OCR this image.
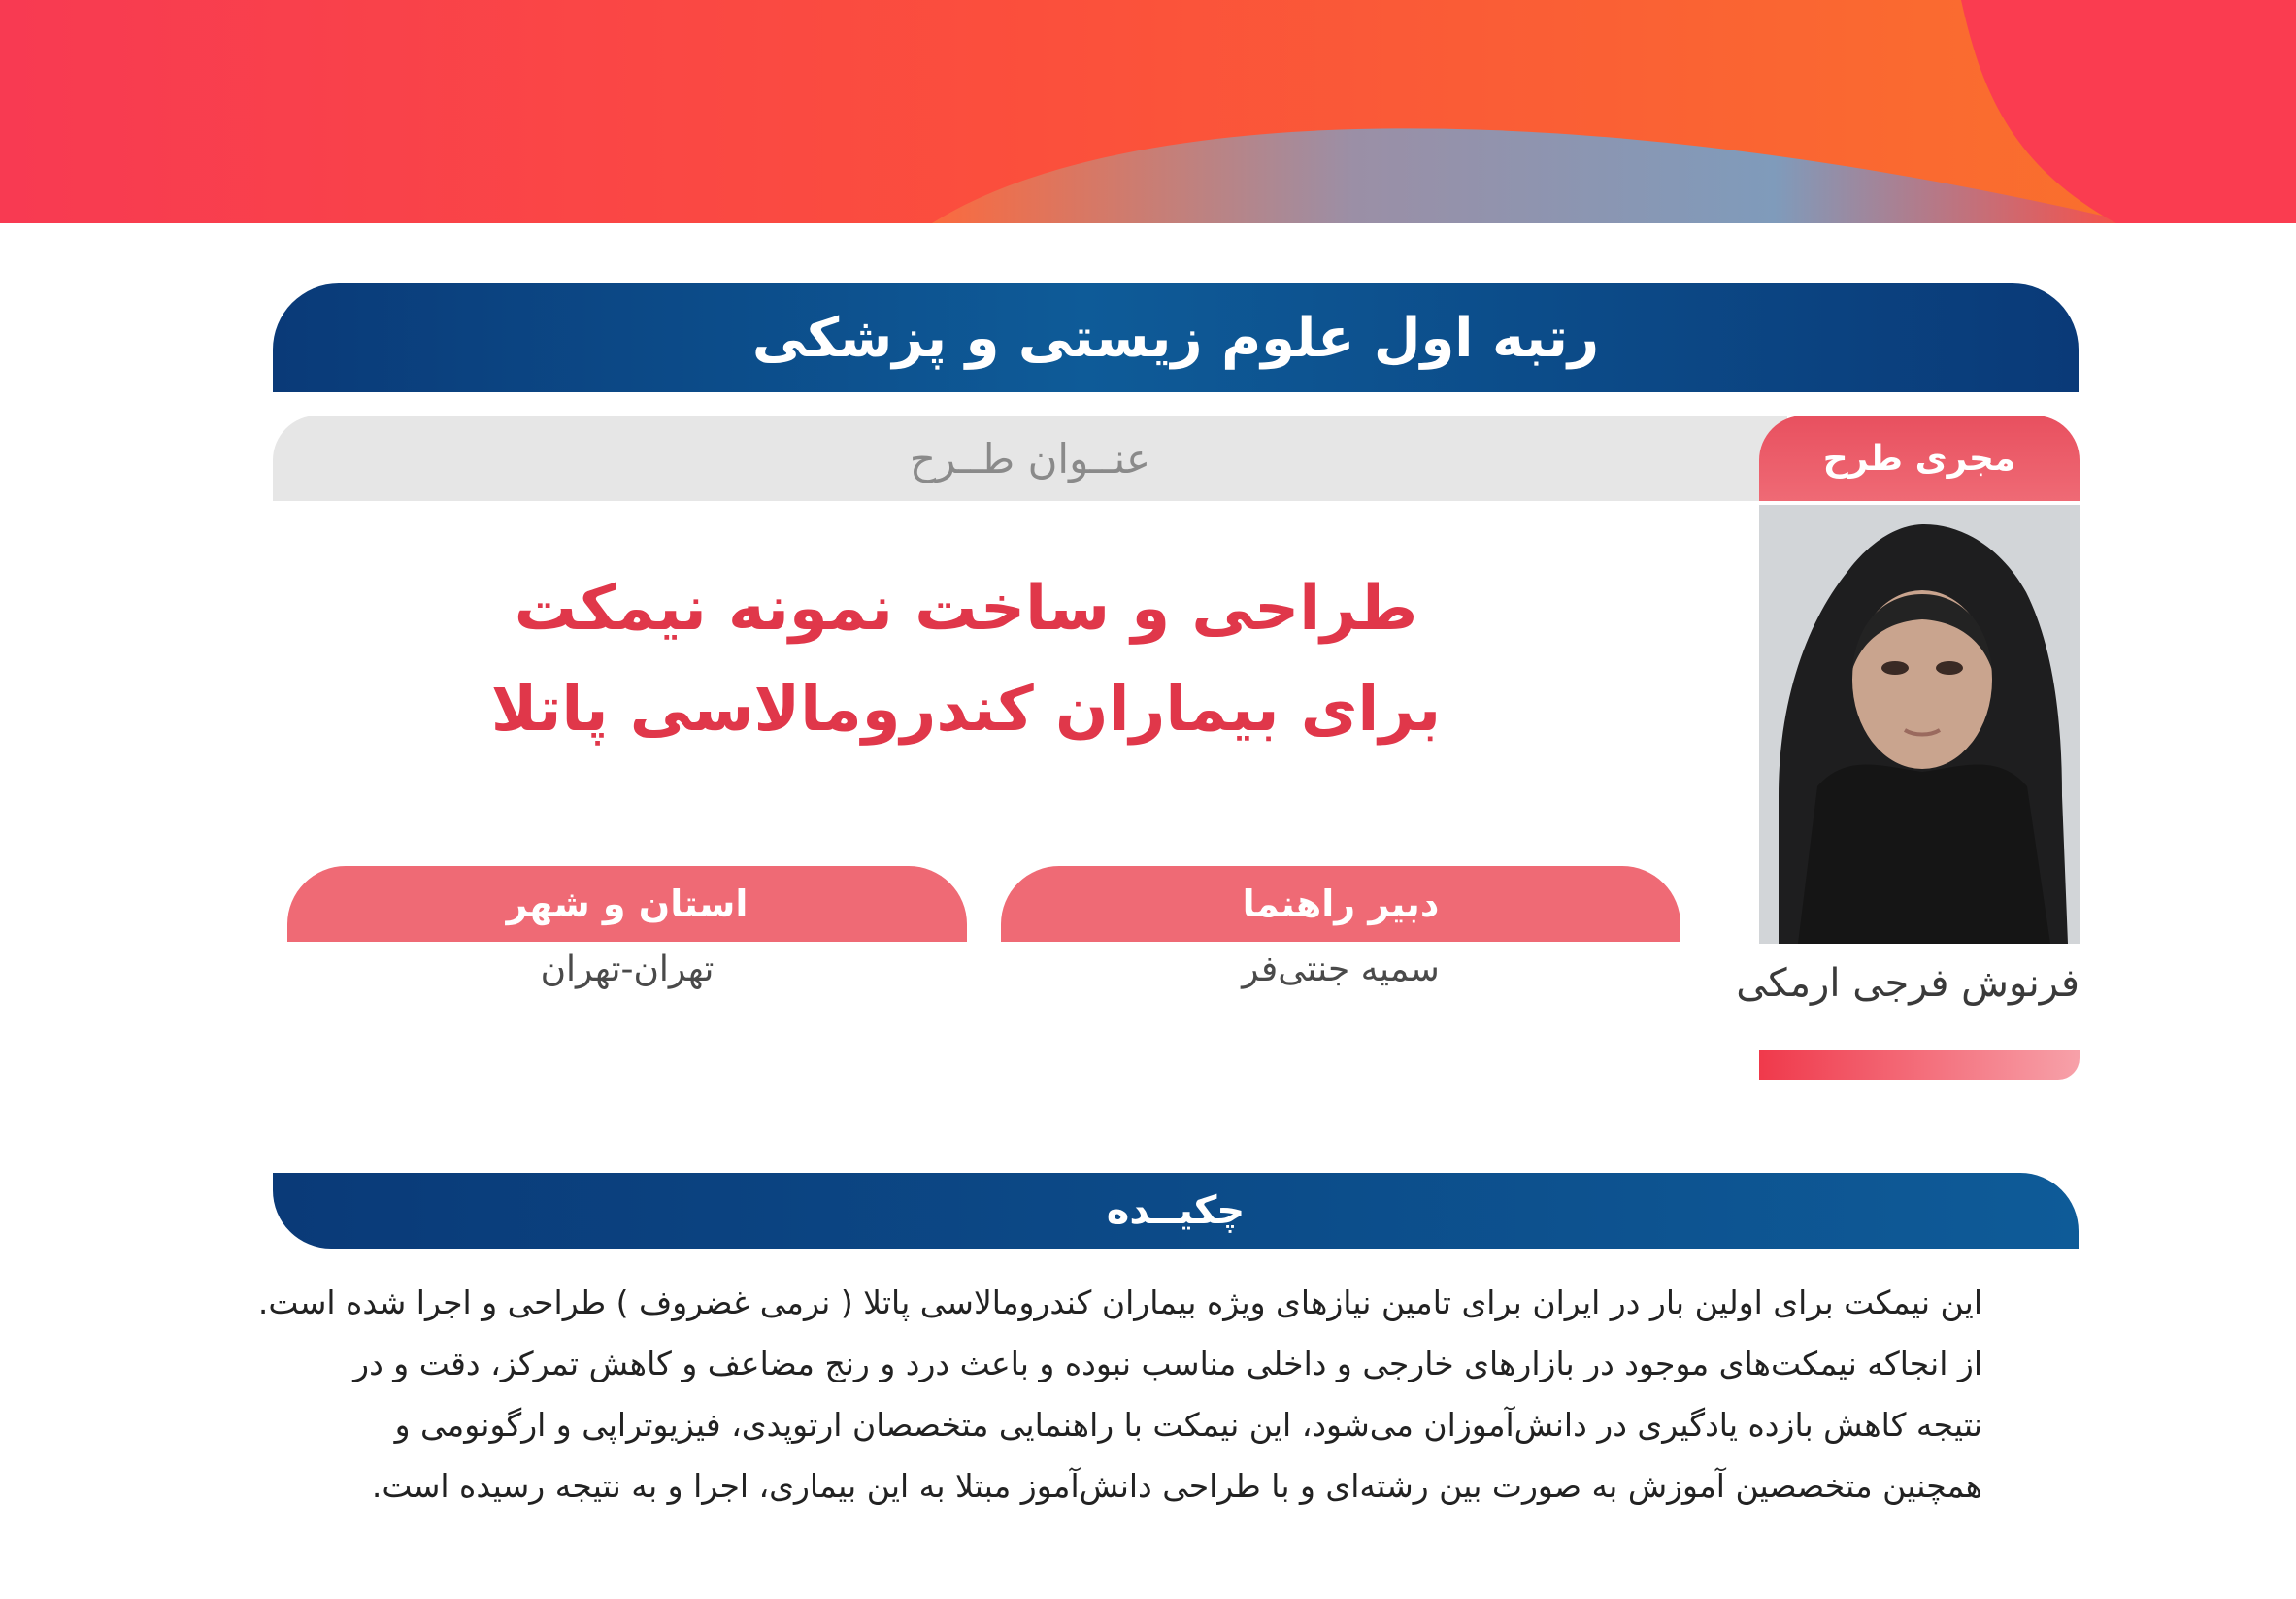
رتبه اول علوم زیستی و پزشکی
عنــوان طــرح	مجری طرح
طراحی و ساخت نمونه نیمکت
برای بیماران کندرومالاسی پاتلا
فرنوش فرجی ارمکی
دبیر راهنما
سمیه جنتی‌فر
استان و شهر
تهران-تهران
چکیــده
این نیمکت برای اولین بار در ایران برای تامین نیازهای ویژه بیماران کندرومالاسی پاتلا ( نرمی غضروف ) طراحی و اجرا شده است.
از انجاکه نیمکت‌های موجود در بازارهای خارجی و داخلی مناسب نبوده و باعث درد و رنج مضاعف و کاهش تمرکز، دقت و در
نتیجه کاهش بازده یادگیری در دانش‌آموزان می‌شود، این نیمکت با راهنمایی متخصصان ارتوپدی، فیزیوتراپی و ارگونومی و
همچنین متخصصین آموزش به صورت بین رشته‌ای و با طراحی دانش‌آموز مبتلا به این بیماری، اجرا و به نتیجه رسیده است.
